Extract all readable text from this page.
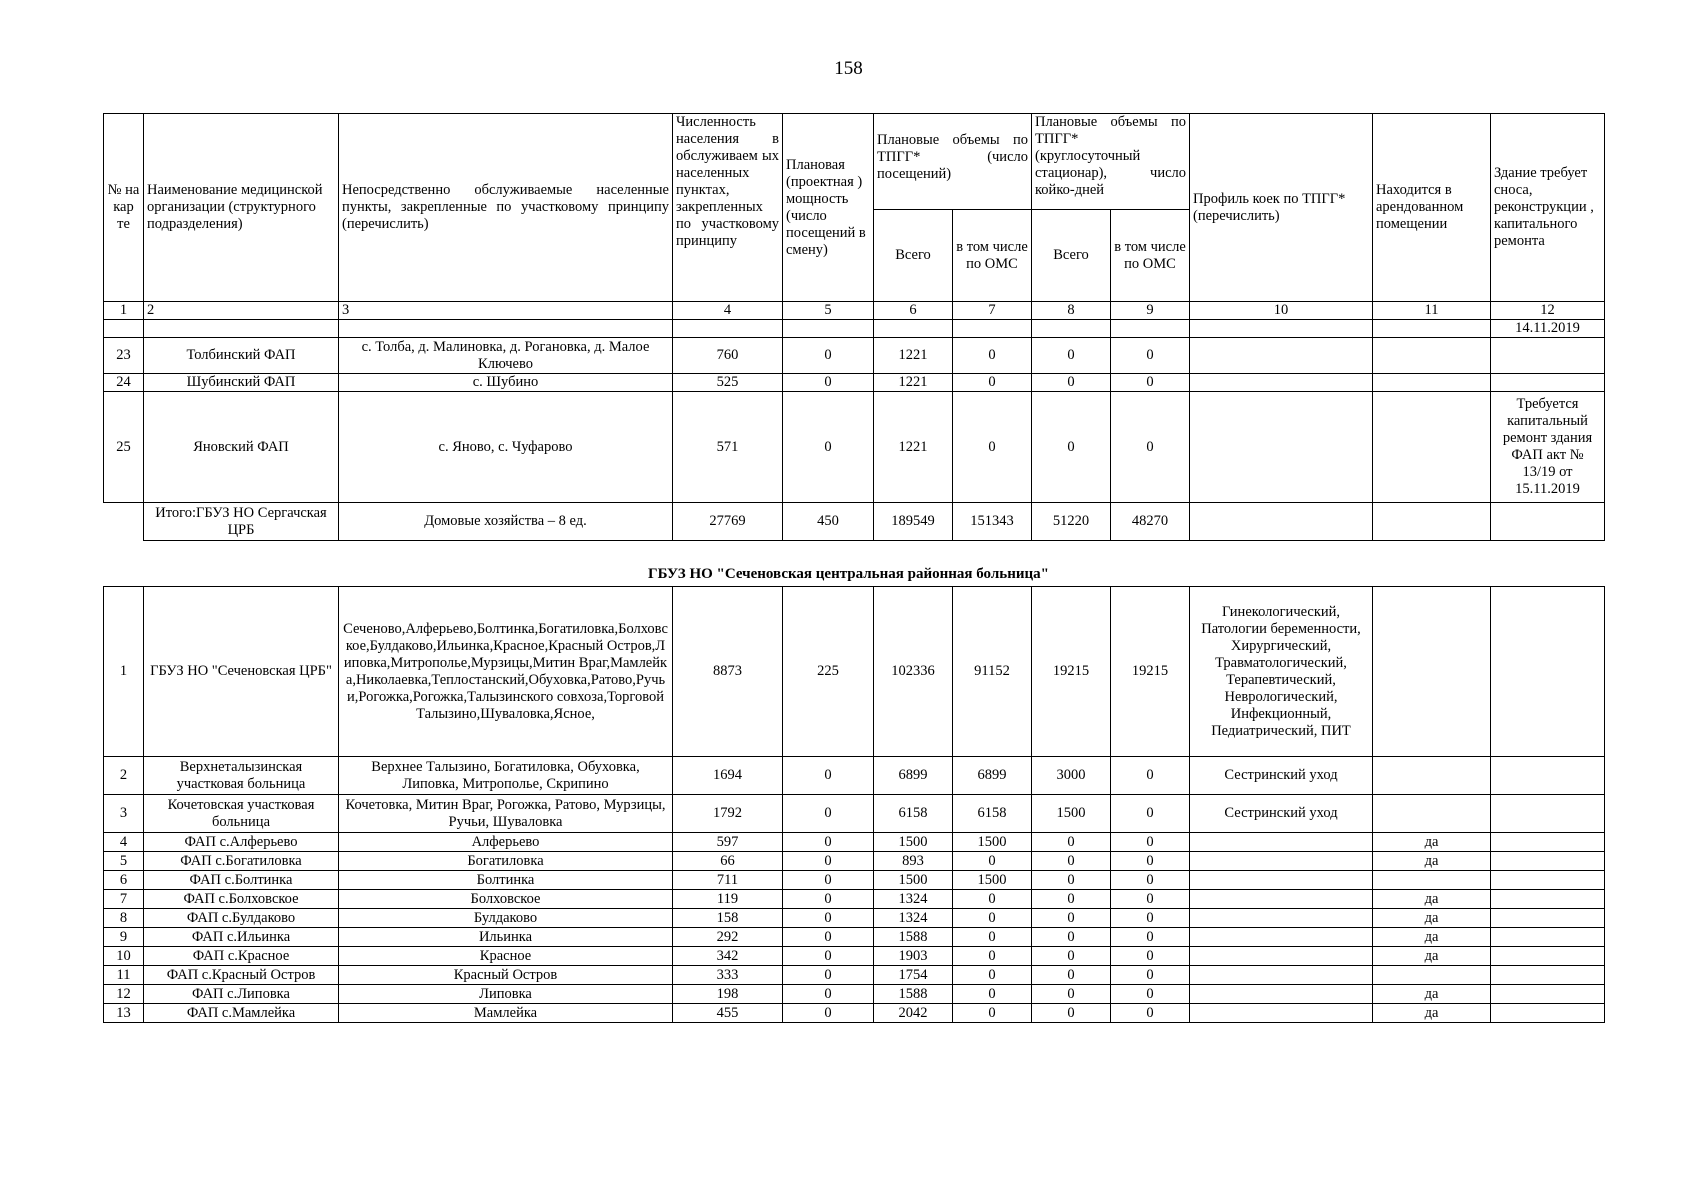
158
№ на кар те	Наименование медицинской организации (структурного подразделения)	Непосредственно обслуживаемые населенные пункты, закрепленные по участковому принципу (перечислить)	Численность населения в обслуживаем ых населенных пунктах, закрепленных по участковому принципу	Плановая (проектная ) мощность (число посещений в смену)	Плановые объемы по ТПГГ* (число посещений)		Плановые объемы по ТПГГ* (круглосуточный стационар), число койко-дней		Профиль коек по ТПГГ* (перечислить)	Находится в арендованном помещении	Здание требует сноса, реконструкции , капитального ремонта
					Всего	в том числе по ОМС	Всего	в том числе по ОМС			
1	2	3	4	5	6	7	8	9	10	11	12
											14.11.2019
23	Толбинский ФАП	с. Толба, д. Малиновка, д. Рогановка, д. Малое Ключево	760	0	1221	0	0	0			
24	Шубинский ФАП	с. Шубино	525	0	1221	0	0	0			
25	Яновский ФАП	с. Яново, с. Чуфарово	571	0	1221	0	0	0			Требуется капитальный ремонт здания ФАП акт № 13/19 от 15.11.2019
	Итого:ГБУЗ НО Сергачская ЦРБ	Домовые хозяйства – 8 ед.	27769	450	189549	151343	51220	48270			
ГБУЗ НО "Сеченовская центральная районная больница"
1	ГБУЗ НО "Сеченовская ЦРБ"	Сеченово,Алферьево,Болтинка,Богатиловка,Болховское,Булдаково,Ильинка,Красное,Красный Остров,Липовка,Митрополье,Мурзицы,Митин Враг,Мамлейка,Николаевка,Теплостанский,Обуховка,Ратово,Ручьи,Рогожка,Рогожка,Талызинского совхоза,Торговой Талызино,Шуваловка,Ясное,	8873	225	102336	91152	19215	19215	Гинекологический, Патологии беременности, Хирургический, Травматологический, Терапевтический, Неврологический, Инфекционный, Педиатрический, ПИТ		
2	Верхнеталызинская участковая больница	Верхнее Талызино, Богатиловка, Обуховка, Липовка, Митрополье, Скрипино	1694	0	6899	6899	3000	0	Сестринский уход		
3	Кочетовская участковая больница	Кочетовка, Митин Враг, Рогожка, Ратово, Мурзицы, Ручьи, Шуваловка	1792	0	6158	6158	1500	0	Сестринский уход		
4	ФАП с.Алферьево	Алферьево	597	0	1500	1500	0	0		да	
5	ФАП с.Богатиловка	Богатиловка	66	0	893	0	0	0		да	
6	ФАП с.Болтинка	Болтинка	711	0	1500	1500	0	0			
7	ФАП с.Болховское	Болховское	119	0	1324	0	0	0		да	
8	ФАП с.Булдаково	Булдаково	158	0	1324	0	0	0		да	
9	ФАП с.Ильинка	Ильинка	292	0	1588	0	0	0		да	
10	ФАП с.Красное	Красное	342	0	1903	0	0	0		да	
11	ФАП с.Красный Остров	Красный Остров	333	0	1754	0	0	0			
12	ФАП с.Липовка	Липовка	198	0	1588	0	0	0		да	
13	ФАП с.Мамлейка	Мамлейка	455	0	2042	0	0	0		да	
